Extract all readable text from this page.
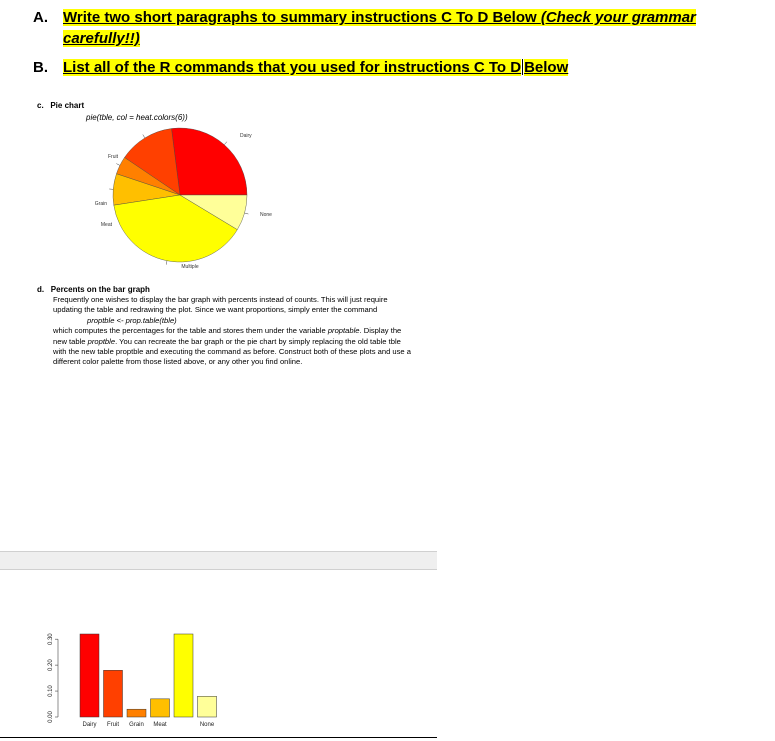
A. Write two short paragraphs to summary instructions C To D Below (Check your grammar
carefully!!)
B. List all of the R commands that you used for instructions C To D Below
c. Pie chart
pie(tble, col = heat.colors(6))
Dairy
Fruit
Grain
Meat
Multiple
None
d. Percents on the bar graph

Frequently one wishes to display the bar graph with percents instead of counts. This will just require updating the table and redrawing the plot. Since we want proportions, simply enter the command

proptble <- prop.table(tble)

which computes the percentages for the table and stores them under the variable proptable. Display the new table proptble. You can recreate the bar graph or the pie chart by simply replacing the old table tble with the new table proptble and executing the command as before. Construct both of these plots and use a different color palette from those listed above, or any other you find online.

0.00
0.10
0.20
0.30
Dairy Fruit Grain Meat	None
